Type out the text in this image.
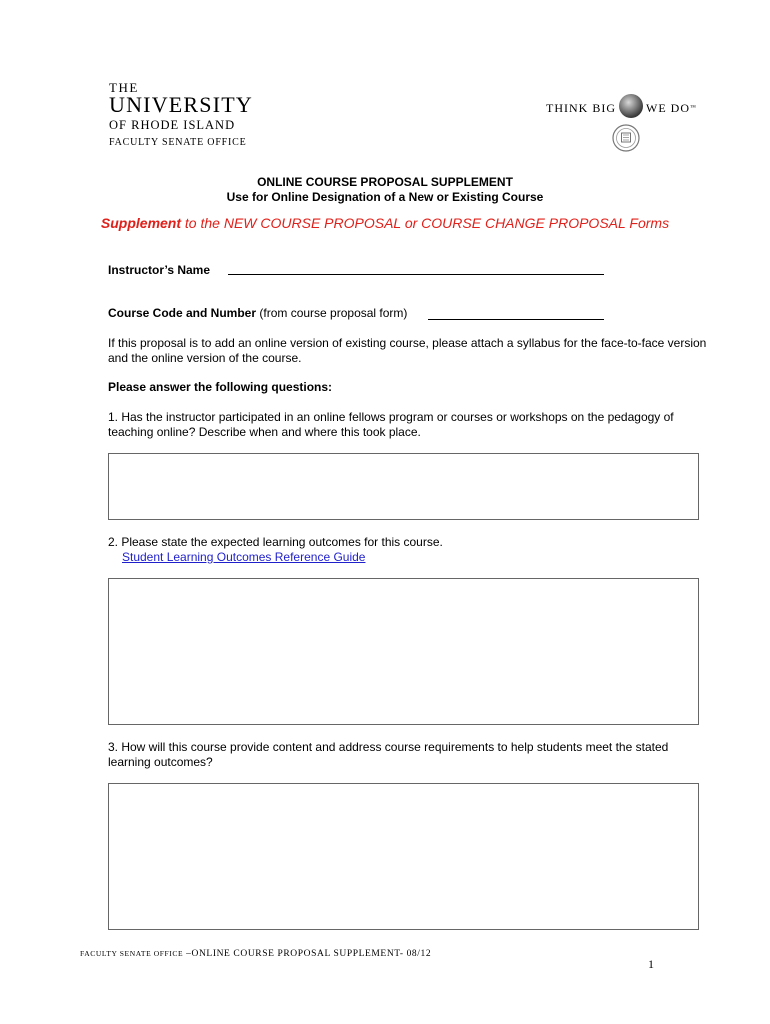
THE
UNIVERSITY
OF RHODE ISLAND
FACULTY SENATE OFFICE
THINK BIG	WE DO ™
ONLINE COURSE PROPOSAL SUPPLEMENT
Use for Online Designation of a New or Existing Course
Supplement to the NEW COURSE PROPOSAL or COURSE CHANGE PROPOSAL Forms
Instructor’s Name
Course Code and Number (from course proposal form)
If this proposal is to add an online version of existing course, please attach a syllabus for the face-to-face version and the online version of the course.
Please answer the following questions:
1. Has the instructor participated in an online fellows program or courses or workshops on the pedagogy of teaching online? Describe when and where this took place.
2. Please state the expected learning outcomes for this course.
Student Learning Outcomes Reference Guide
3. How will this course provide content and address course requirements to help students meet the stated learning outcomes?
FACULTY SENATE OFFICE –ONLINE COURSE PROPOSAL SUPPLEMENT- 08/12
1
